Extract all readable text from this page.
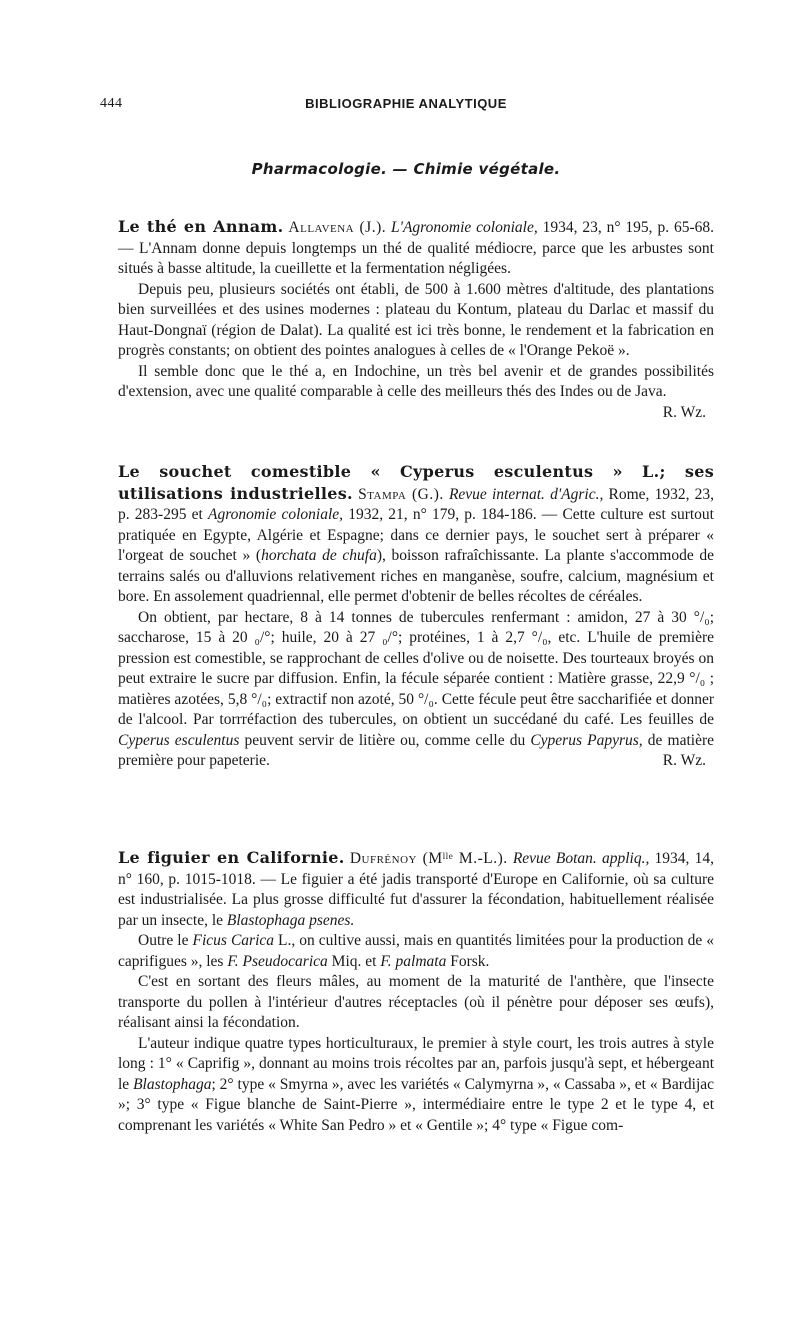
444	BIBLIOGRAPHIE ANALYTIQUE
Pharmacologie. — Chimie végétale.

Le thé en Annam. Allavena (J.). L'Agronomie coloniale, 1934, 23, n° 195, p. 65-68. — L'Annam donne depuis longtemps un thé de qualité médiocre, parce que les arbustes sont situés à basse altitude, la cueillette et la fermentation négligées.

Depuis peu, plusieurs sociétés ont établi, de 500 à 1.600 mètres d'altitude, des plantations bien surveillées et des usines modernes : plateau du Kontum, plateau du Darlac et massif du Haut-Dongnaï (région de Dalat). La qualité est ici très bonne, le rendement et la fabrication en progrès constants; on obtient des pointes analogues à celles de « l'Orange Pekoë ».

Il semble donc que le thé a, en Indochine, un très bel avenir et de grandes possibilités d'extension, avec une qualité comparable à celle des meilleurs thés des Indes ou de Java.
R. Wz.

Le souchet comestible « Cyperus esculentus » L.; ses utilisations industrielles. Stampa (G.). Revue internat. d'Agric., Rome, 1932, 23, p. 283-295 et Agronomie coloniale, 1932, 21, n° 179, p. 184-186. — Cette culture est surtout pratiquée en Egypte, Algérie et Espagne; dans ce dernier pays, le souchet sert à préparer « l'orgeat de souchet » (horchata de chufa), boisson rafraîchissante. La plante s'accommode de terrains salés ou d'alluvions relativement riches en manganèse, soufre, calcium, magnésium et bore. En assolement quadriennal, elle permet d'obtenir de belles récoltes de céréales.

On obtient, par hectare, 8 à 14 tonnes de tubercules renfermant : amidon, 27 à 30 °/₀; saccharose, 15 à 20 ₀/°; huile, 20 à 27 ₀/°; protéines, 1 à 2,7 °/₀, etc. L'huile de première pression est comestible, se rapprochant de celles d'olive ou de noisette. Des tourteaux broyés on peut extraire le sucre par diffusion. Enfin, la fécule séparée contient : Matière grasse, 22,9 °/₀ ; matières azotées, 5,8 °/₀; extractif non azoté, 50 °/₀. Cette fécule peut être saccharifiée et donner de l'alcool. Par torrréfaction des tubercules, on obtient un succédané du café. Les feuilles de Cyperus esculentus peuvent servir de litière ou, comme celle du Cyperus Papyrus, de matière première pour papeterie.	R. Wz.

Le figuier en Californie. Dufrénoy (Mˡˡᵉ M.-L.). Revue Botan. appliq., 1934, 14, n° 160, p. 1015-1018. — Le figuier a été jadis transporté d'Europe en Californie, où sa culture est industrialisée. La plus grosse difficulté fut d'assurer la fécondation, habituellement réalisée par un insecte, le Blastophaga psenes.

Outre le Ficus Carica L., on cultive aussi, mais en quantités limitées pour la production de « caprifigues », les F. Pseudocarica Miq. et F. palmata Forsk.

C'est en sortant des fleurs mâles, au moment de la maturité de l'anthère, que l'insecte transporte du pollen à l'intérieur d'autres réceptacles (où il pénètre pour déposer ses œufs), réalisant ainsi la fécondation.

L'auteur indique quatre types horticulturaux, le premier à style court, les trois autres à style long : 1° « Caprifig », donnant au moins trois récoltes par an, parfois jusqu'à sept, et hébergeant le Blastophaga; 2° type « Smyrna », avec les variétés « Calymyrna », « Cassaba », et « Bardijac »; 3° type « Figue blanche de Saint-Pierre », intermédiaire entre le type 2 et le type 4, et comprenant les variétés « White San Pedro » et « Gentile »; 4° type « Figue com-
